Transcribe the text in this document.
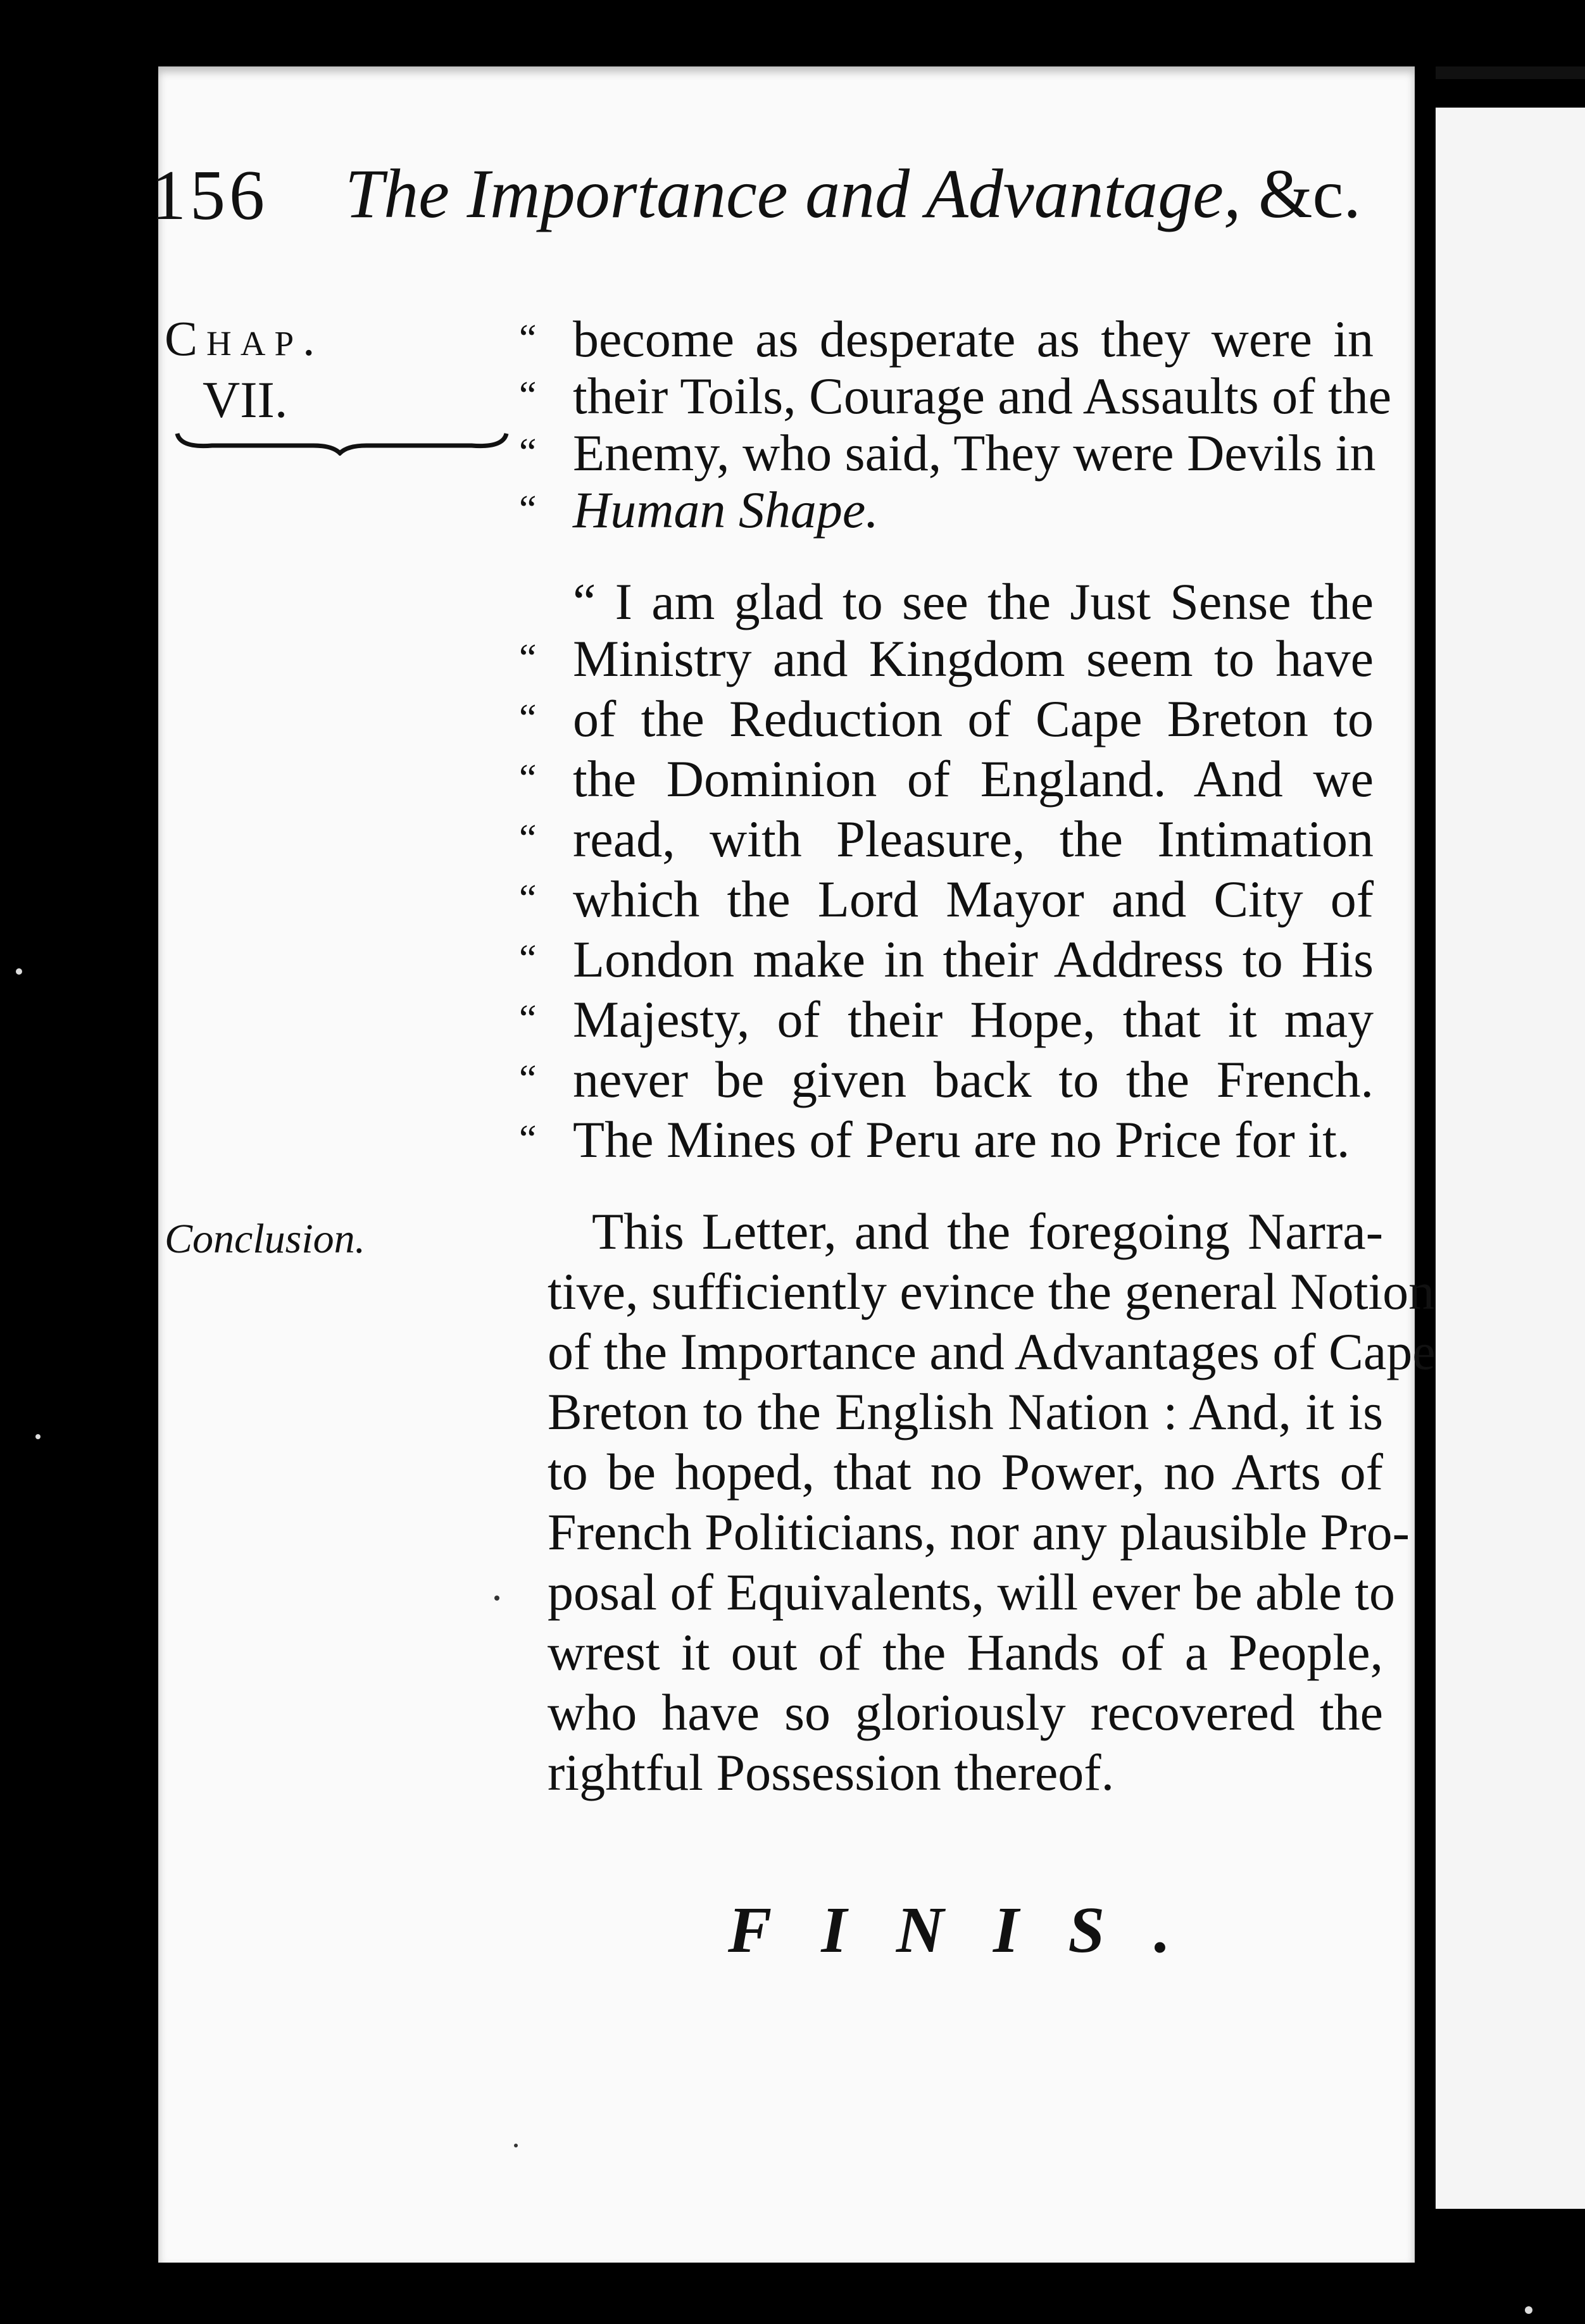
156 The Importance and Advantage, &c.
Chap.
VII.
“ become as desperate as they were in
“ their Toils, Courage and Assaults of the
“ Enemy, who said, They were Devils in
“ Human Shape.
“ I am glad to see the Just Sense the
“ Ministry and Kingdom seem to have
“ of the Reduction of Cape Breton to
“ the Dominion of England. And we
“ read, with Pleasure, the Intimation
“ which the Lord Mayor and City of
“ London make in their Address to His
“ Majesty, of their Hope, that it may
“ never be given back to the French.
“ The Mines of Peru are no Price for it.
Conclusion.	This Letter, and the foregoing Narra-
tive, sufficiently evince the general Notion
of the Importance and Advantages of Cape
Breton to the English Nation : And, it is
to be hoped, that no Power, no Arts of
French Politicians, nor any plausible Pro-
posal of Equivalents, will ever be able to
wrest it out of the Hands of a People,
who have so gloriously recovered the
rightful Possession thereof.
FINIS.
